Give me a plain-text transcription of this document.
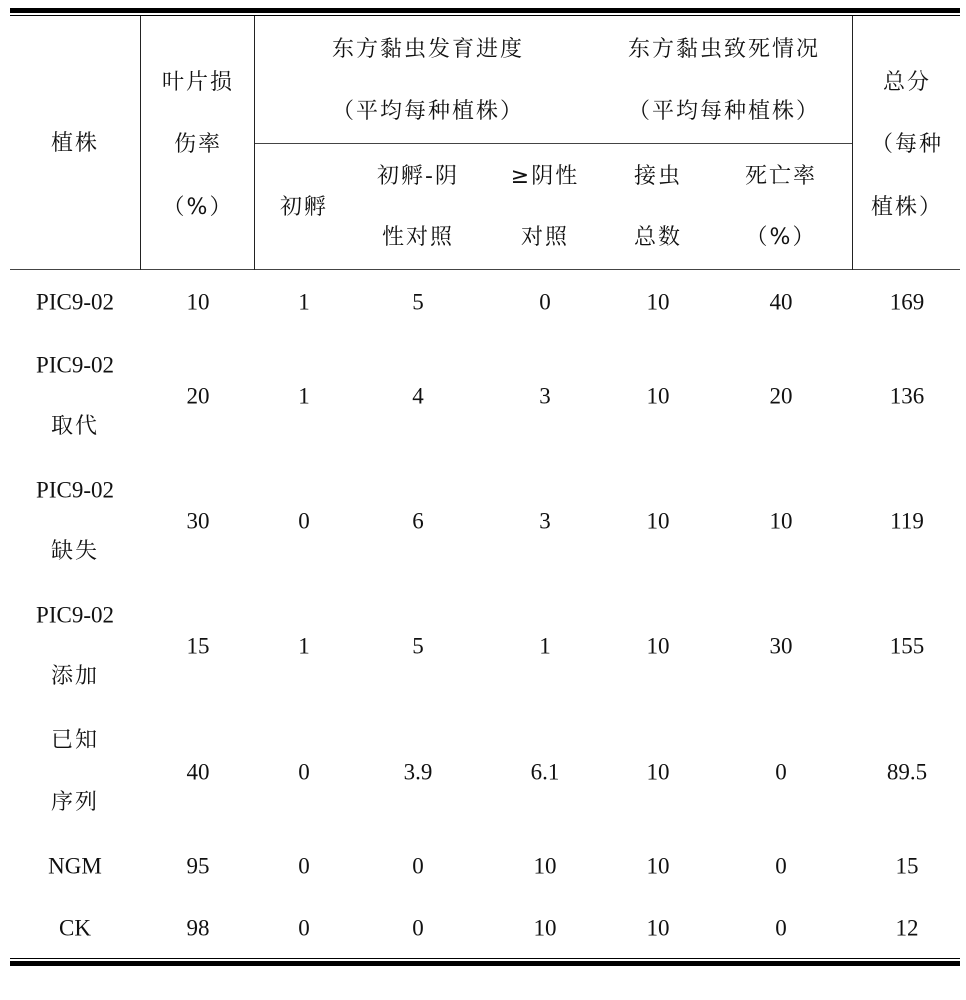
植株
叶片损
伤率
（%）
东方黏虫发育进度
（平均每种植株）
东方黏虫致死情况
（平均每种植株）
总分
（每种
植株）
初孵
初孵-阴
性对照
≥阴性
对照
接虫
总数
死亡率
（%）
PIC9-02	10	1	5	0	10	40	169
PIC9-02
取代
20	1	4	3	10	20	136
PIC9-02
缺失
30	0	6	3	10	10	119
PIC9-02
添加
15	1	5	1	10	30	155
已知
序列
40	0	3.9	6.1	10	0	89.5
NGM	95	0	0	10	10	0	15
CK	98	0	0	10	10	0	12
